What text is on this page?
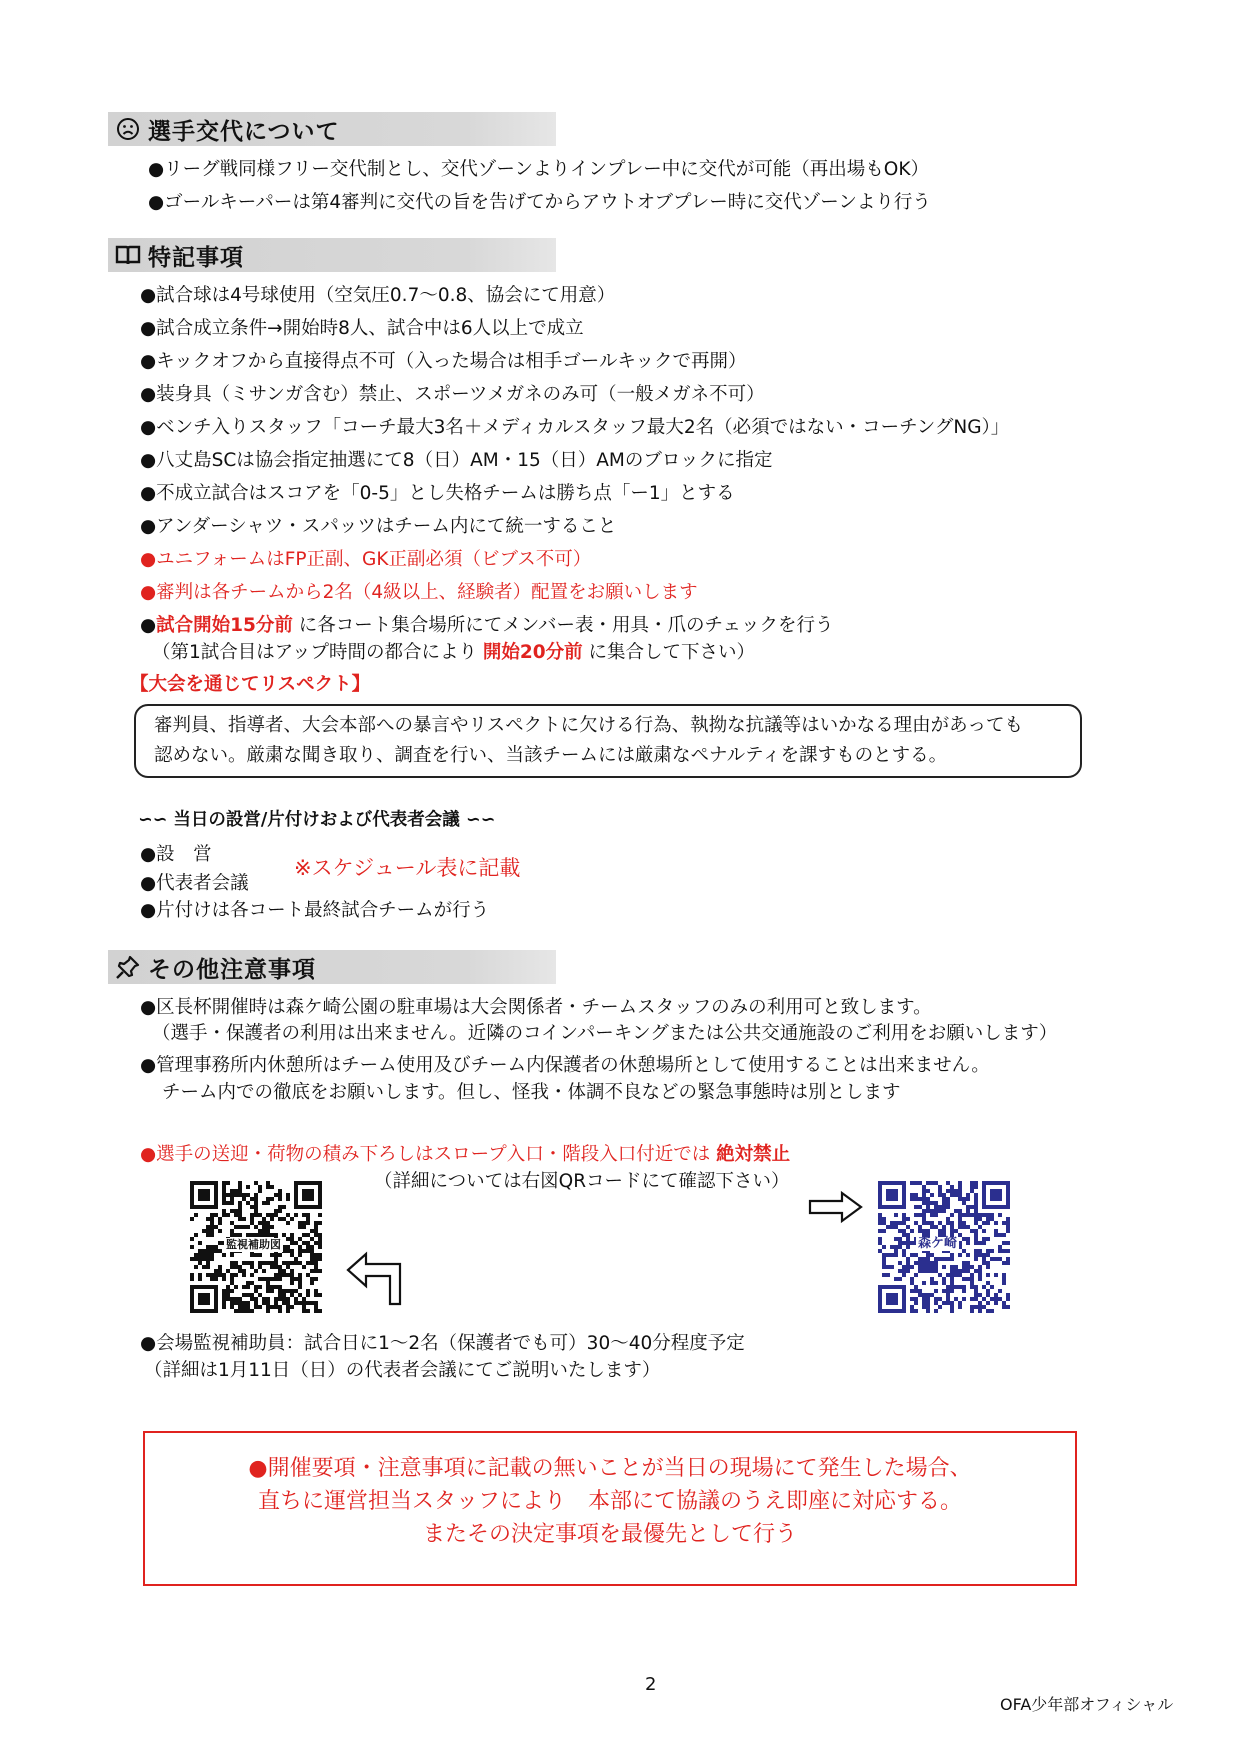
選手交代について
●リーグ戦同様フリー交代制とし、交代ゾーンよりインプレー中に交代が可能（再出場もOK）
●ゴールキーパーは第4審判に交代の旨を告げてからアウトオブプレー時に交代ゾーンより行う
特記事項
●試合球は4号球使用（空気圧0.7～0.8、協会にて用意）
●試合成立条件→開始時8人、試合中は6人以上で成立
●キックオフから直接得点不可（入った場合は相手ゴールキックで再開）
●装身具（ミサンガ含む）禁止、スポーツメガネのみ可（一般メガネ不可）
●ベンチ入りスタッフ「コーチ最大3名＋メディカルスタッフ最大2名（必須ではない・コーチングNG）」
●八丈島SCは協会指定抽選にて8（日）AM・15（日）AMのブロックに指定
●不成立試合はスコアを「0-5」とし失格チームは勝ち点「ー1」とする
●アンダーシャツ・スパッツはチーム内にて統一すること
●ユニフォームはFP正副、GK正副必須（ビブス不可）
●審判は各チームから2名（4級以上、経験者）配置をお願いします
●試合開始15分前 に各コート集合場所にてメンバー表・用具・爪のチェックを行う
（第1試合目はアップ時間の都合により 開始20分前 に集合して下さい）
【大会を通じてリスペクト】
審判員、指導者、大会本部への暴言やリスペクトに欠ける行為、執拗な抗議等はいかなる理由があっても
認めない。厳粛な聞き取り、調査を行い、当該チームには厳粛なペナルティを課すものとする。
∽∽ 当日の設営/片付けおよび代表者会議 ∽∽
●設　営
●代表者会議
※スケジュール表に記載
●片付けは各コート最終試合チームが行う
その他注意事項
●区長杯開催時は森ケ崎公園の駐車場は大会関係者・チームスタッフのみの利用可と致します。
（選手・保護者の利用は出来ません。近隣のコインパーキングまたは公共交通施設のご利用をお願いします）
●管理事務所内休憩所はチーム使用及びチーム内保護者の休憩場所として使用することは出来ません。
チーム内での徹底をお願いします。但し、怪我・体調不良などの緊急事態時は別とします
●選手の送迎・荷物の積み下ろしはスロープ入口・階段入口付近では 絶対禁止
（詳細については右図QRコードにて確認下さい）
監視補助図	森ケ崎
●会場監視補助員：試合日に1～2名（保護者でも可）30～40分程度予定
（詳細は1月11日（日）の代表者会議にてご説明いたします）
●開催要項・注意事項に記載の無いことが当日の現場にて発生した場合、
直ちに運営担当スタッフにより　本部にて協議のうえ即座に対応する。
またその決定事項を最優先として行う
2
OFA少年部オフィシャル
